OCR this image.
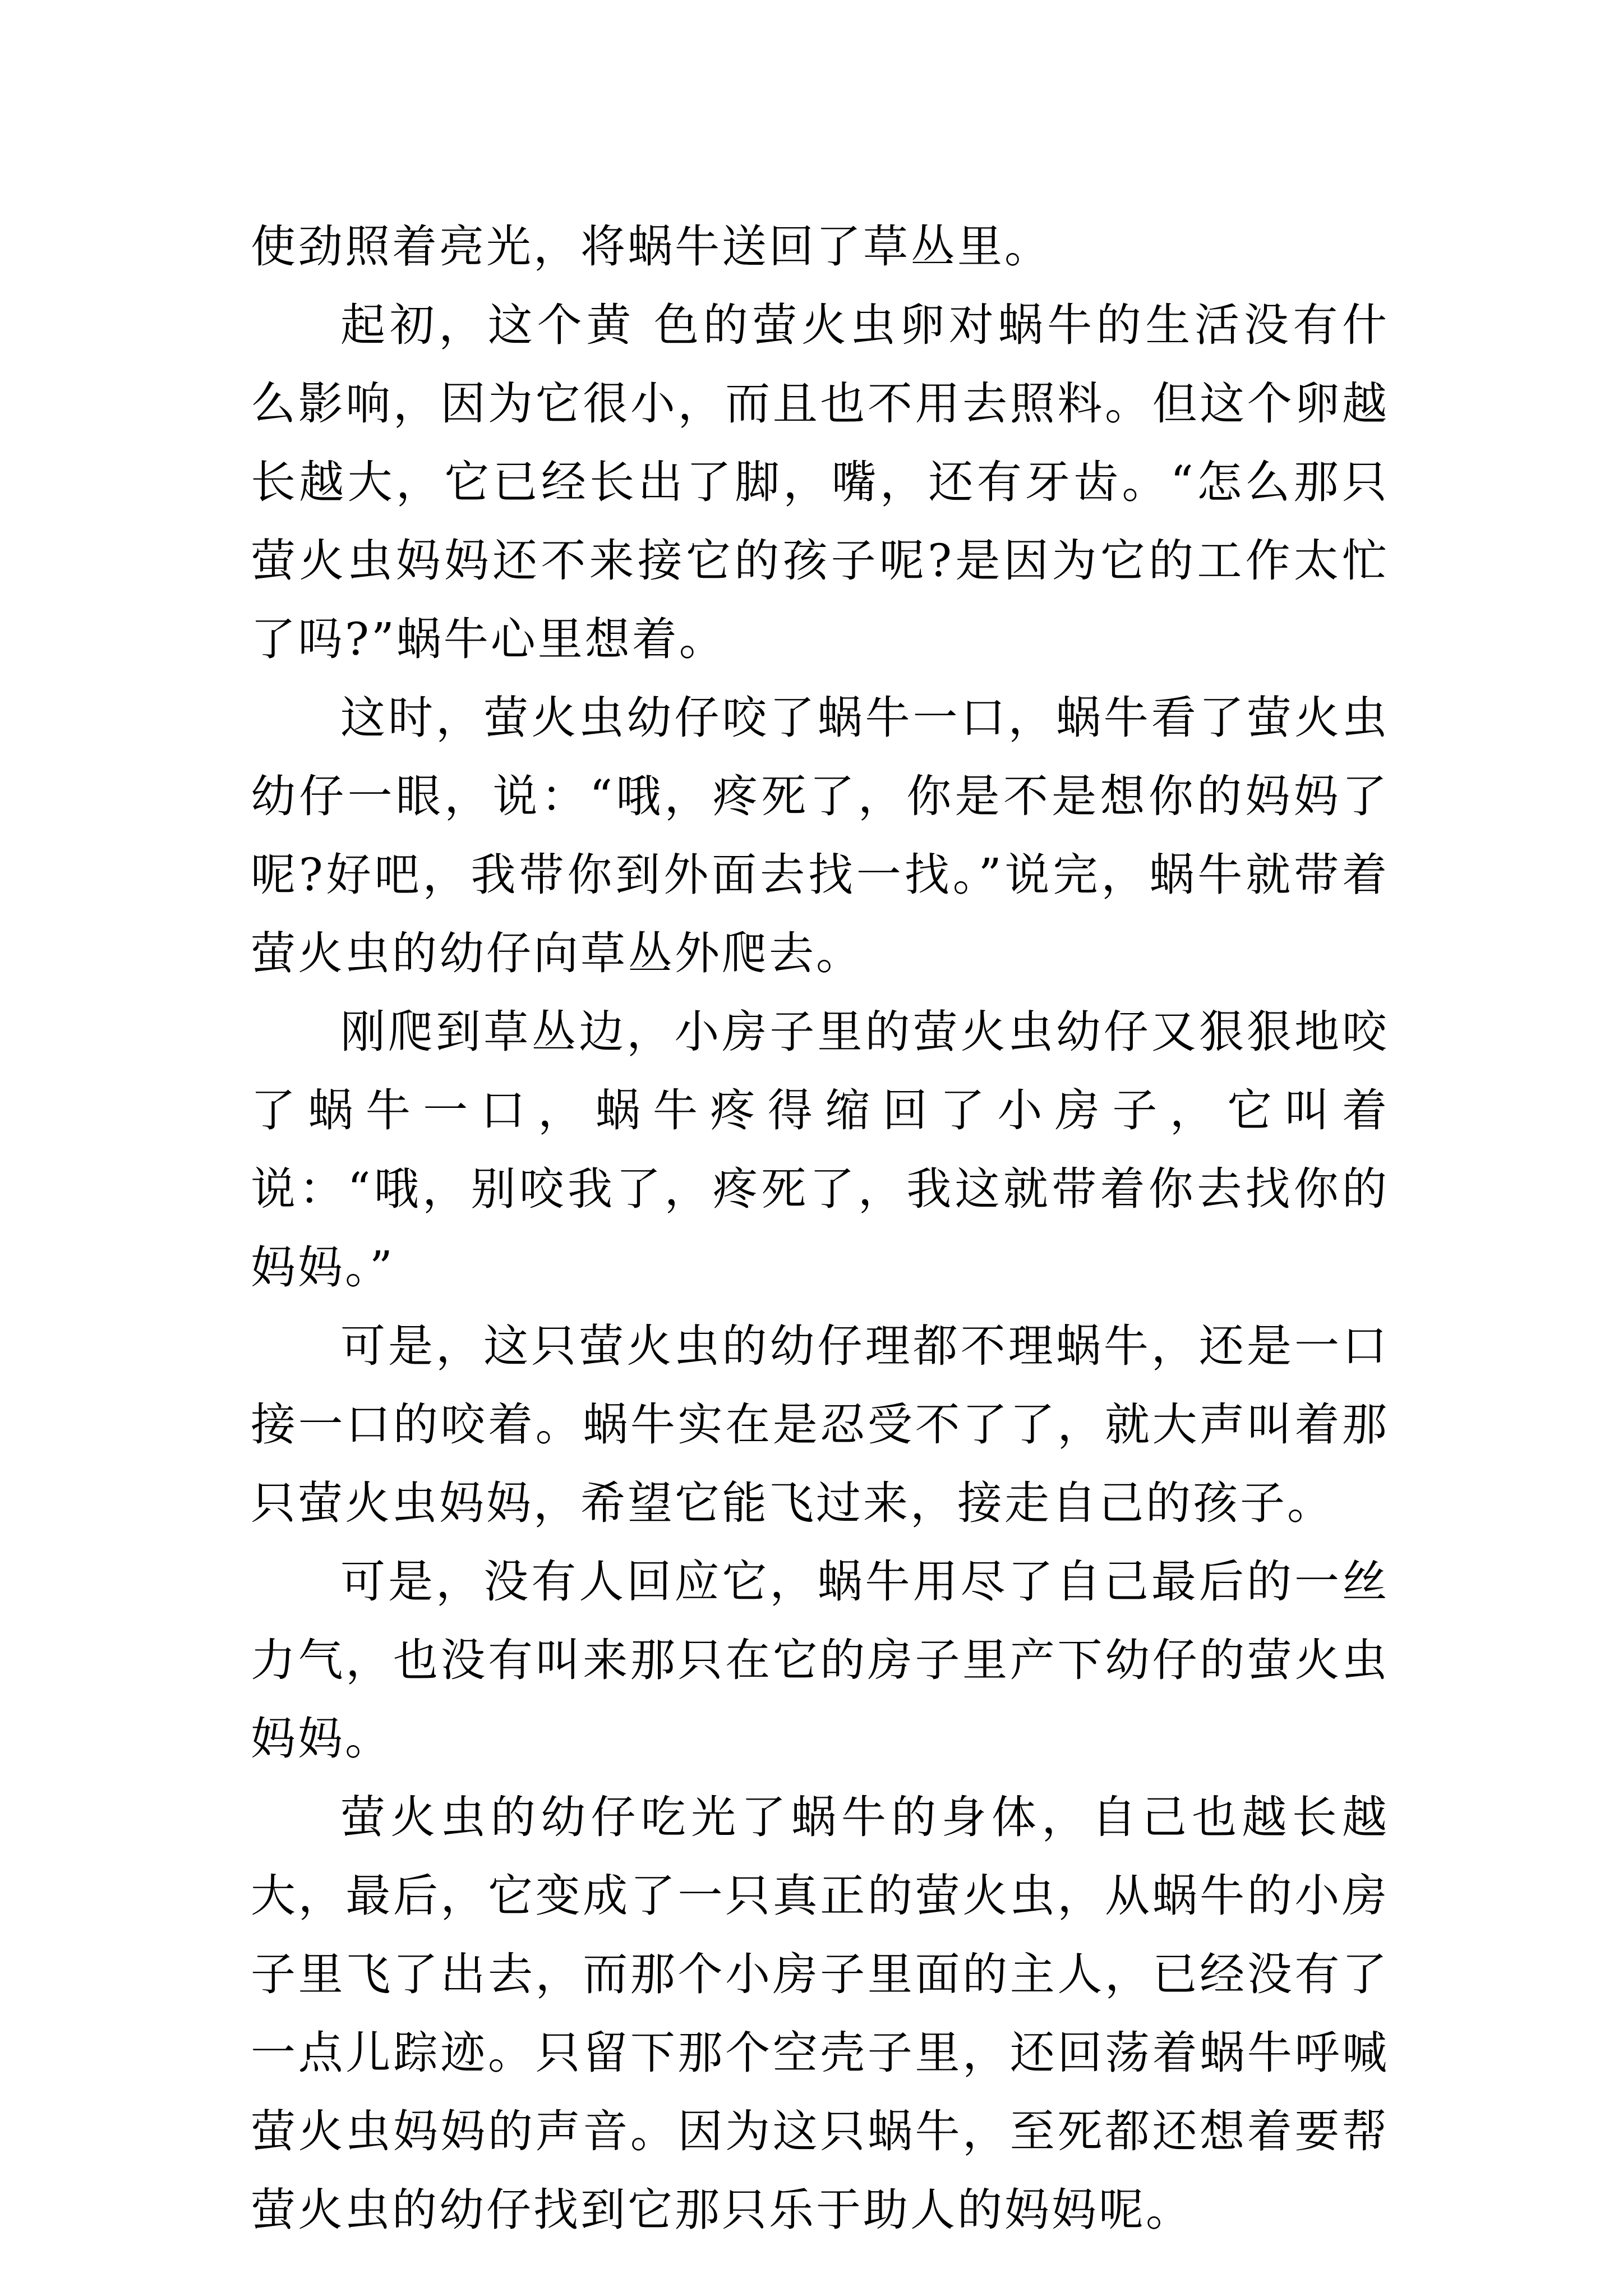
使劲照着亮光，将蜗牛送回了草丛里。

起初，这个黄 色的萤火虫卵对蜗牛的生活没有什么影响，因为它很小，而且也不用去照料。但这个卵越长越大，它已经长出了脚，嘴，还有牙齿。“怎么那只萤火虫妈妈还不来接它的孩子呢?是因为它的工作太忙了吗?”蜗牛心里想着。

这时，萤火虫幼仔咬了蜗牛一口，蜗牛看了萤火虫幼仔一眼，说：“哦，疼死了，你是不是想你的妈妈了呢?好吧，我带你到外面去找一找。”说完，蜗牛就带着萤火虫的幼仔向草丛外爬去。

刚爬到草丛边，小房子里的萤火虫幼仔又狠狠地咬了蜗牛一口，蜗牛疼得缩回了小房子，它叫着说：“哦，别咬我了，疼死了，我这就带着你去找你的妈妈。”

可是，这只萤火虫的幼仔理都不理蜗牛，还是一口接一口的咬着。蜗牛实在是忍受不了了，就大声叫着那只萤火虫妈妈，希望它能飞过来，接走自己的孩子。

可是，没有人回应它，蜗牛用尽了自己最后的一丝力气，也没有叫来那只在它的房子里产下幼仔的萤火虫妈妈。

萤火虫的幼仔吃光了蜗牛的身体，自己也越长越大，最后，它变成了一只真正的萤火虫，从蜗牛的小房子里飞了出去，而那个小房子里面的主人，已经没有了一点儿踪迹。只留下那个空壳子里，还回荡着蜗牛呼喊萤火虫妈妈的声音。因为这只蜗牛，至死都还想着要帮萤火虫的幼仔找到它那只乐于助人的妈妈呢。
